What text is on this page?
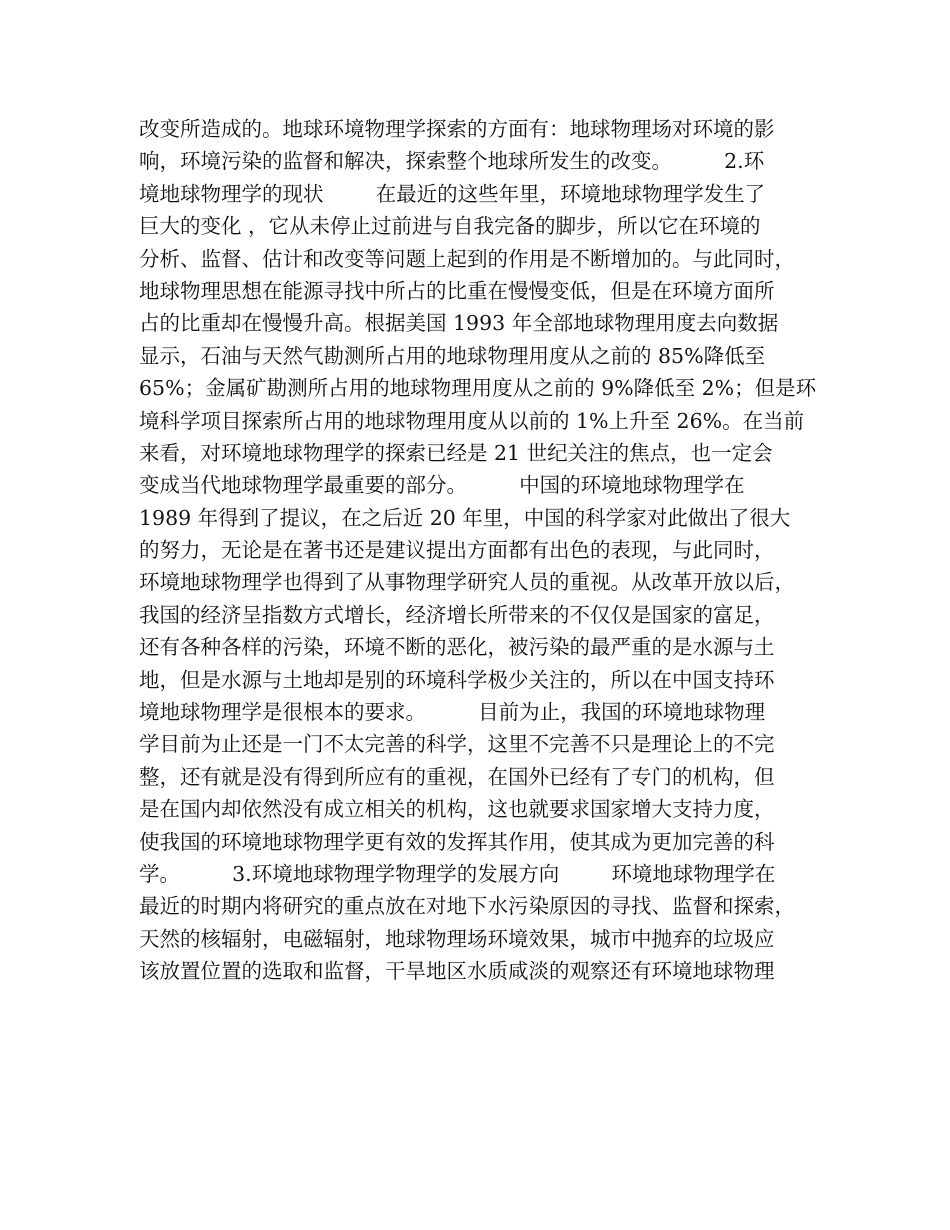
改变所造成的。地球环境物理学探索的方面有：地球物理场对环境的影
响，环境污染的监督和解决，探索整个地球所发生的改变。        2.环
境地球物理学的现状        在最近的这些年里，环境地球物理学发生了
巨大的变化 ，它从未停止过前进与自我完备的脚步，所以它在环境的
分析、监督、估计和改变等问题上起到的作用是不断增加的。与此同时，
地球物理思想在能源寻找中所占的比重在慢慢变低，但是在环境方面所
占的比重却在慢慢升高。根据美国 1993 年全部地球物理用度去向数据
显示，石油与天然气勘测所占用的地球物理用度从之前的 85%降低至
65%；金属矿勘测所占用的地球物理用度从之前的 9%降低至 2%；但是环
境科学项目探索所占用的地球物理用度从以前的 1%上升至 26%。在当前
来看，对环境地球物理学的探索已经是 21 世纪关注的焦点，也一定会
变成当代地球物理学最重要的部分。        中国的环境地球物理学在
1989 年得到了提议，在之后近 20 年里，中国的科学家对此做出了很大
的努力，无论是在著书还是建议提出方面都有出色的表现，与此同时，
环境地球物理学也得到了从事物理学研究人员的重视。从改革开放以后，
我国的经济呈指数方式增长，经济增长所带来的不仅仅是国家的富足，
还有各种各样的污染，环境不断的恶化，被污染的最严重的是水源与土
地，但是水源与土地却是别的环境科学极少关注的，所以在中国支持环
境地球物理学是很根本的要求。        目前为止，我国的环境地球物理
学目前为止还是一门不太完善的科学，这里不完善不只是理论上的不完
整，还有就是没有得到所应有的重视，在国外已经有了专门的机构，但
是在国内却依然没有成立相关的机构，这也就要求国家增大支持力度，
使我国的环境地球物理学更有效的发挥其作用，使其成为更加完善的科
学。        3.环境地球物理学物理学的发展方向        环境地球物理学在
最近的时期内将研究的重点放在对地下水污染原因的寻找、监督和探索，
天然的核辐射，电磁辐射，地球物理场环境效果，城市中抛弃的垃圾应
该放置位置的选取和监督，干旱地区水质咸淡的观察还有环境地球物理
